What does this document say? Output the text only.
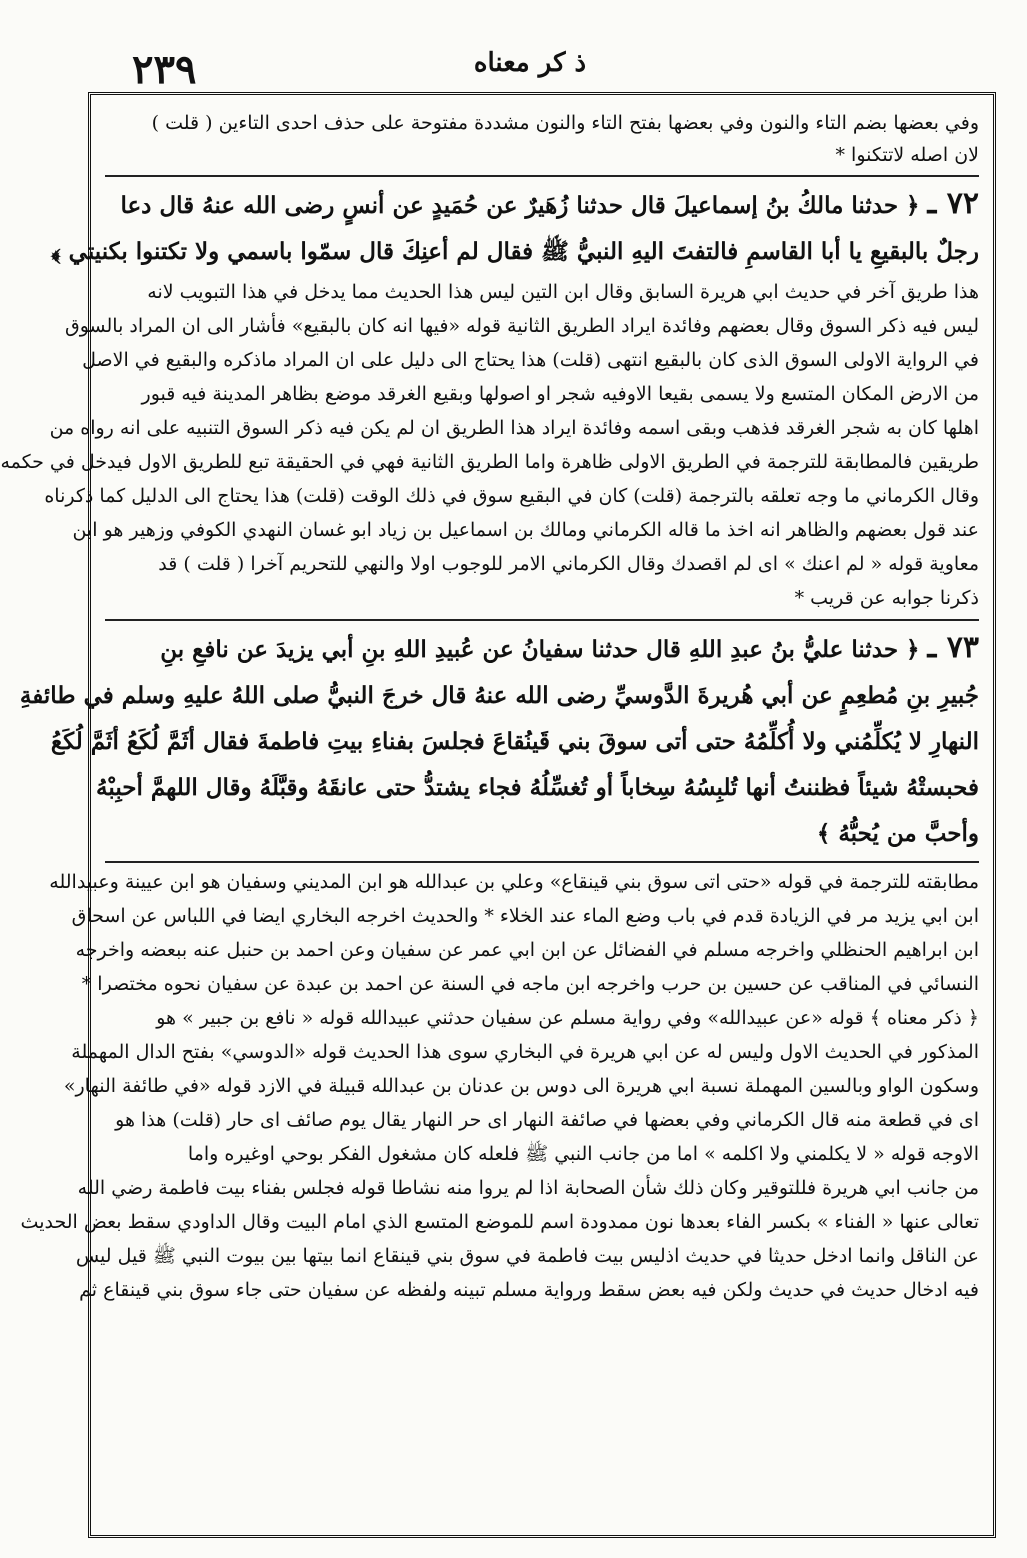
٢٣٩	ذ كر معناه
وفي بعضها بضم التاء والنون وفي بعضها بفتح التاء والنون مشددة مفتوحة على حذف احدى التاءين ( قلت )
لان اصله لاتتكنوا *
٧٢ ـ﴿ حدثنا مالكُ بنُ إسماعيلَ قال حدثنا زُهَيرٌ عن حُمَيدٍ عن أنسٍ رضى الله عنهُ قال دعا
رجلٌ بالبقيعِ يا أبا القاسمِ فالتفتَ اليهِ النبيُّ ﷺ فقال لم أعنِكَ قال سمّوا باسمي ولا تكتنوا بكنيتي ﴾
هذا طريق آخر في حديث ابي هريرة السابق وقال ابن التين ليس هذا الحديث مما يدخل في هذا التبويب لانه
ليس فيه ذكر السوق وقال بعضهم وفائدة ايراد الطريق الثانية قوله «فيها انه كان بالبقيع» فأشار الى ان المراد بالسوق
في الرواية الاولى السوق الذى كان بالبقيع انتهى (قلت) هذا يحتاج الى دليل على ان المراد ماذكره والبقيع في الاصل
من الارض المكان المتسع ولا يسمى بقيعا الاوفيه شجر او اصولها وبقيع الغرقد موضع بظاهر المدينة فيه قبور
اهلها كان به شجر الغرقد فذهب وبقى اسمه وفائدة ايراد هذا الطريق ان لم يكن فيه ذكر السوق التنبيه على انه رواه من
طريقين فالمطابقة للترجمة في الطريق الاولى ظاهرة واما الطريق الثانية فهي في الحقيقة تبع للطريق الاول فيدخل في حكمه
وقال الكرماني ما وجه تعلقه بالترجمة (قلت) كان في البقيع سوق في ذلك الوقت (قلت) هذا يحتاج الى الدليل كما ذكرناه
عند قول بعضهم والظاهر انه اخذ ما قاله الكرماني ومالك بن اسماعيل بن زياد ابو غسان النهدي الكوفي وزهير هو ابن
معاوية قوله « لم اعنك » اى لم اقصدك وقال الكرماني الامر للوجوب اولا والنهي للتحريم آخرا ( قلت ) قد
ذكرنا جوابه عن قريب *
٧٣ ـ﴿ حدثنا عليُّ بنُ عبدِ اللهِ قال حدثنا سفيانُ عن عُبيدِ اللهِ بنِ أبي يزيدَ عن نافعِ بنِ
جُبيرِ بنِ مُطعِمٍ عن أبي هُريرةَ الدَّوسيِّ رضى الله عنهُ قال خرجَ النبيُّ صلى اللهُ عليهِ وسلم في طائفةِ
النهارِ لا يُكلِّمُني ولا أُكلِّمُهُ حتى أتى سوقَ بني قَينُقاعَ فجلسَ بفناءِ بيتِ فاطمةَ فقال أثَمَّ لُكَعُ أثَمَّ لُكَعُ
فحبستْهُ شيئاً فظننتُ أنها تُلبِسُهُ سِخاباً أو تُغسِّلُهُ فجاء يشتدُّ حتى عانقَهُ وقبَّلَهُ وقال اللهمَّ أحبِبْهُ
وأحبَّ من يُحبُّهُ ﴾
مطابقته للترجمة في قوله «حتى اتى سوق بني قينقاع» وعلي بن عبدالله هو ابن المديني وسفيان هو ابن عيينة وعبيدالله
ابن ابي يزيد مر في الزيادة قدم في باب وضع الماء عند الخلاء * والحديث اخرجه البخاري ايضا في اللباس عن اسحاق
ابن ابراهيم الحنظلي واخرجه مسلم في الفضائل عن ابن ابي عمر عن سفيان وعن احمد بن حنبل عنه ببعضه واخرجه
النسائي في المناقب عن حسين بن حرب واخرجه ابن ماجه في السنة عن احمد بن عبدة عن سفيان نحوه مختصرا *
﴿ ذكر معناه ﴾ قوله «عن عبيدالله» وفي رواية مسلم عن سفيان حدثني عبيدالله قوله « نافع بن جبير » هو
المذكور في الحديث الاول وليس له عن ابي هريرة في البخاري سوى هذا الحديث قوله «الدوسي» بفتح الدال المهملة
وسكون الواو وبالسين المهملة نسبة ابي هريرة الى دوس بن عدنان بن عبدالله قبيلة في الازد قوله «في طائفة النهار»
اى في قطعة منه قال الكرماني وفي بعضها في صائفة النهار اى حر النهار يقال يوم صائف اى حار (قلت) هذا هو
الاوجه قوله « لا يكلمني ولا اكلمه » اما من جانب النبي ﷺ فلعله كان مشغول الفكر بوحي اوغيره واما
من جانب ابي هريرة فللتوقير وكان ذلك شأن الصحابة اذا لم يروا منه نشاطا قوله فجلس بفناء بيت فاطمة رضي الله
تعالى عنها « الفناء » بكسر الفاء بعدها نون ممدودة اسم للموضع المتسع الذي امام البيت وقال الداودي سقط بعض الحديث
عن الناقل وانما ادخل حديثا في حديث اذليس بيت فاطمة في سوق بني قينقاع انما بيتها بين بيوت النبي ﷺ قيل ليس
فيه ادخال حديث في حديث ولكن فيه بعض سقط ورواية مسلم تبينه ولفظه عن سفيان حتى جاء سوق بني قينقاع ثم
